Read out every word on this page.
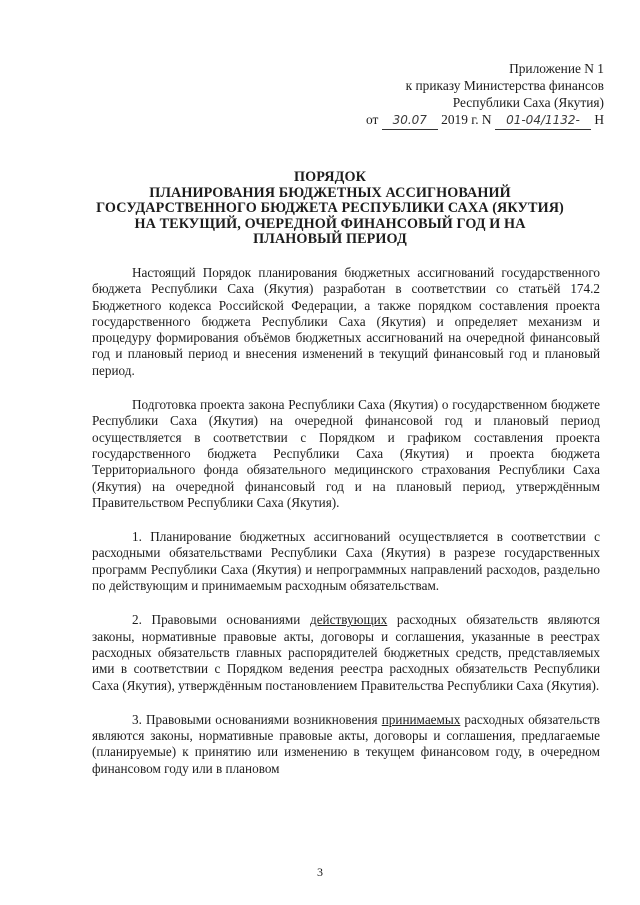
Приложение N 1
к приказу Министерства финансов
Республики Саха (Якутия)
от 30.07 2019 г. N 01-04/1132- Н
ПОРЯДОК
ПЛАНИРОВАНИЯ БЮДЖЕТНЫХ АССИГНОВАНИЙ
ГОСУДАРСТВЕННОГО БЮДЖЕТА РЕСПУБЛИКИ САХА (ЯКУТИЯ)
НА ТЕКУЩИЙ, ОЧЕРЕДНОЙ ФИНАНСОВЫЙ ГОД И НА
ПЛАНОВЫЙ ПЕРИОД

Настоящий Порядок планирования бюджетных ассигнований государственного бюджета Республики Саха (Якутия) разработан в соответствии со статьёй 174.2 Бюджетного кодекса Российской Федерации, а также порядком составления проекта государственного бюджета Республики Саха (Якутия) и определяет механизм и процедуру формирования объёмов бюджетных ассигнований на очередной финансовый год и плановый период и внесения изменений в текущий финансовый год и плановый период.

Подготовка проекта закона Республики Саха (Якутия) о государственном бюджете Республики Саха (Якутия) на очередной финансовой год и плановый период осуществляется в соответствии с Порядком и графиком составления проекта государственного бюджета Республики Саха (Якутия) и проекта бюджета Территориального фонда обязательного медицинского страхования Республики Саха (Якутия) на очередной финансовый год и на плановый период, утверждённым Правительством Республики Саха (Якутия).

1. Планирование бюджетных ассигнований осуществляется в соответствии с расходными обязательствами Республики Саха (Якутия) в разрезе государственных программ Республики Саха (Якутия) и непрограммных направлений расходов, раздельно по действующим и принимаемым расходным обязательствам.

2. Правовыми основаниями действующих расходных обязательств являются законы, нормативные правовые акты, договоры и соглашения, указанные в реестрах расходных обязательств главных распорядителей бюджетных средств, представляемых ими в соответствии с Порядком ведения реестра расходных обязательств Республики Саха (Якутия), утверждённым постановлением Правительства Республики Саха (Якутия).

3. Правовыми основаниями возникновения принимаемых расходных обязательств являются законы, нормативные правовые акты, договоры и соглашения, предлагаемые (планируемые) к принятию или изменению в текущем финансовом году, в очередном финансовом году или в плановом

3
